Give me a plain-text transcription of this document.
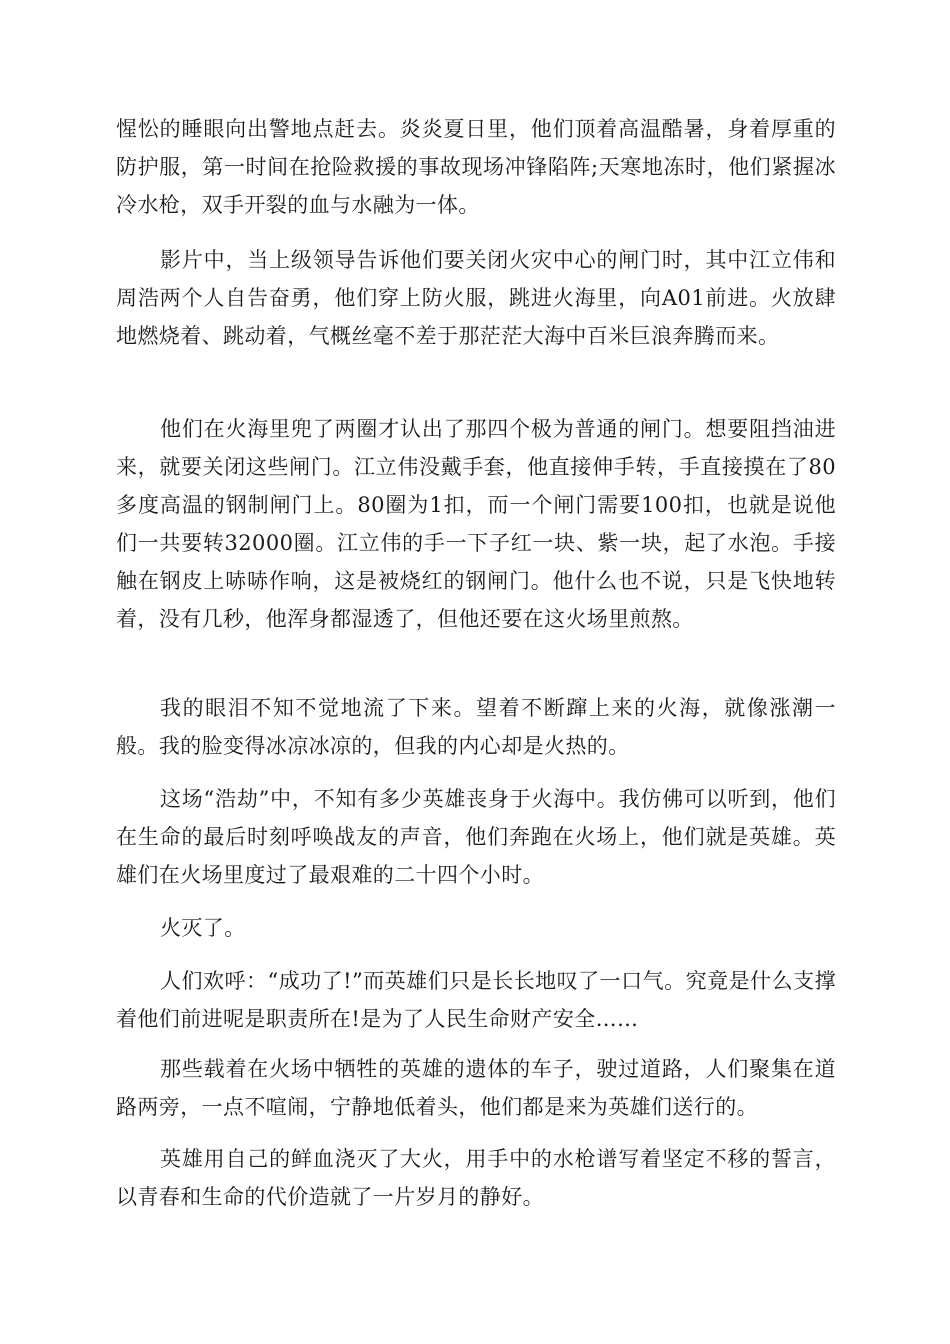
惺忪的睡眼向出警地点赶去。炎炎夏日里，他们顶着高温酷暑，身着厚重的防护服，第一时间在抢险救援的事故现场冲锋陷阵;天寒地冻时，他们紧握冰冷水枪，双手开裂的血与水融为一体。

影片中，当上级领导告诉他们要关闭火灾中心的闸门时，其中江立伟和周浩两个人自告奋勇，他们穿上防火服，跳进火海里，向A01前进。火放肆地燃烧着、跳动着，气概丝毫不差于那茫茫大海中百米巨浪奔腾而来。

他们在火海里兜了两圈才认出了那四个极为普通的闸门。想要阻挡油进来，就要关闭这些闸门。江立伟没戴手套，他直接伸手转，手直接摸在了80多度高温的钢制闸门上。80圈为1扣，而一个闸门需要100扣，也就是说他们一共要转32000圈。江立伟的手一下子红一块、紫一块，起了水泡。手接触在钢皮上哧哧作响，这是被烧红的钢闸门。他什么也不说，只是飞快地转着，没有几秒，他浑身都湿透了，但他还要在这火场里煎熬。

我的眼泪不知不觉地流了下来。望着不断蹿上来的火海，就像涨潮一般。我的脸变得冰凉冰凉的，但我的内心却是火热的。

这场“浩劫”中，不知有多少英雄丧身于火海中。我仿佛可以听到，他们在生命的最后时刻呼唤战友的声音，他们奔跑在火场上，他们就是英雄。英雄们在火场里度过了最艰难的二十四个小时。

火灭了。

人们欢呼：“成功了!”而英雄们只是长长地叹了一口气。究竟是什么支撑着他们前进呢是职责所在!是为了人民生命财产安全……

那些载着在火场中牺牲的英雄的遗体的车子，驶过道路，人们聚集在道路两旁，一点不喧闹，宁静地低着头，他们都是来为英雄们送行的。

英雄用自己的鲜血浇灭了大火，用手中的水枪谱写着坚定不移的誓言，以青春和生命的代价造就了一片岁月的静好。
